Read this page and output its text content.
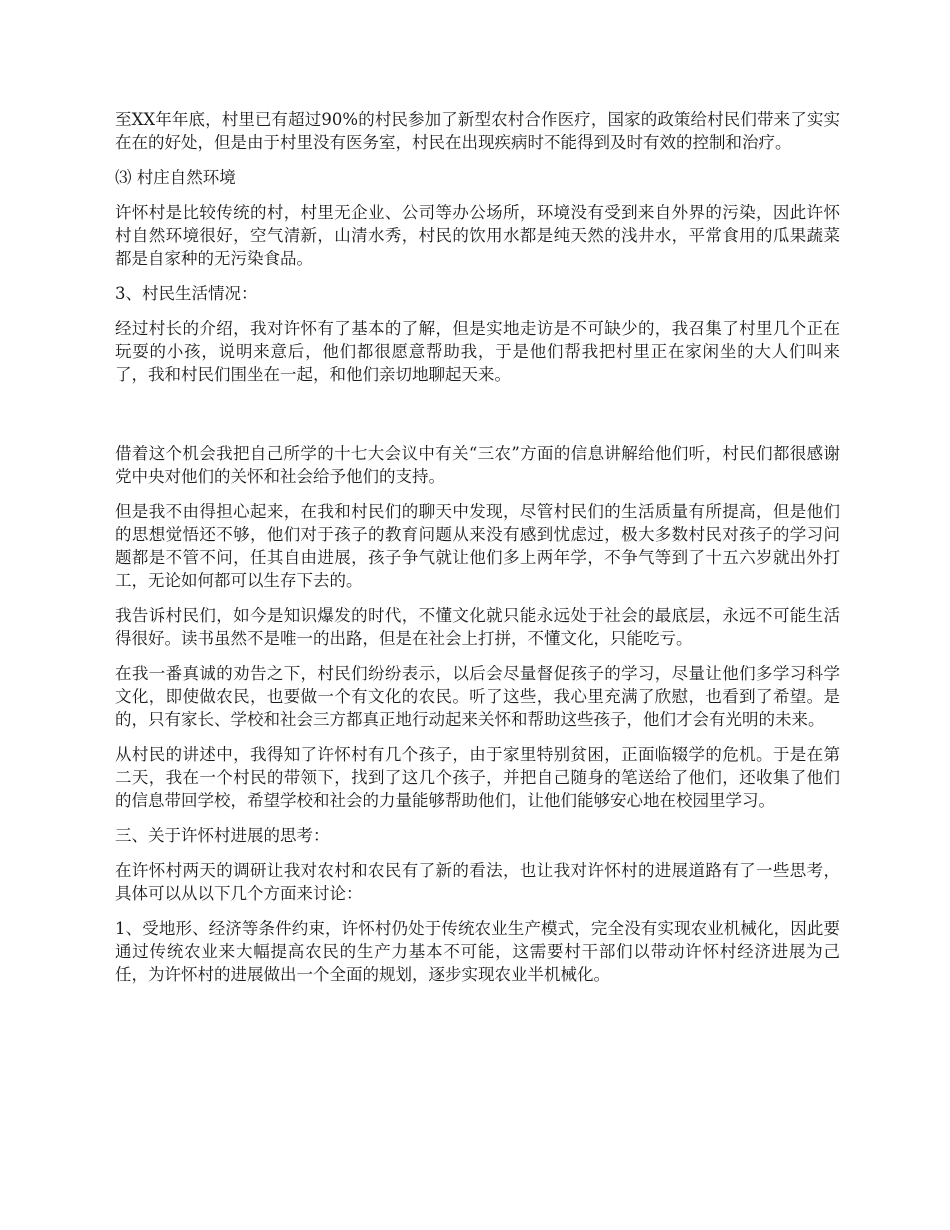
至XX年年底，村里已有超过90%的村民参加了新型农村合作医疗，国家的政策给村民们带来了实实在在的好处，但是由于村里没有医务室，村民在出现疾病时不能得到及时有效的控制和治疗。

⑶ 村庄自然环境

许怀村是比较传统的村，村里无企业、公司等办公场所，环境没有受到来自外界的污染，因此许怀村自然环境很好，空气清新，山清水秀，村民的饮用水都是纯天然的浅井水，平常食用的瓜果蔬菜都是自家种的无污染食品。

3、村民生活情况：

经过村长的介绍，我对许怀有了基本的了解，但是实地走访是不可缺少的，我召集了村里几个正在玩耍的小孩，说明来意后，他们都很愿意帮助我，于是他们帮我把村里正在家闲坐的大人们叫来了，我和村民们围坐在一起，和他们亲切地聊起天来。

借着这个机会我把自己所学的十七大会议中有关“三农”方面的信息讲解给他们听，村民们都很感谢党中央对他们的关怀和社会给予他们的支持。

但是我不由得担心起来，在我和村民们的聊天中发现，尽管村民们的生活质量有所提高，但是他们的思想觉悟还不够，他们对于孩子的教育问题从来没有感到忧虑过，极大多数村民对孩子的学习问题都是不管不问，任其自由进展，孩子争气就让他们多上两年学，不争气等到了十五六岁就出外打工，无论如何都可以生存下去的。

我告诉村民们，如今是知识爆发的时代，不懂文化就只能永远处于社会的最底层，永远不可能生活得很好。读书虽然不是唯一的出路，但是在社会上打拼，不懂文化，只能吃亏。

在我一番真诚的劝告之下，村民们纷纷表示，以后会尽量督促孩子的学习，尽量让他们多学习科学文化，即使做农民，也要做一个有文化的农民。听了这些，我心里充满了欣慰，也看到了希望。是的，只有家长、学校和社会三方都真正地行动起来关怀和帮助这些孩子，他们才会有光明的未来。

从村民的讲述中，我得知了许怀村有几个孩子，由于家里特别贫困，正面临辍学的危机。于是在第二天，我在一个村民的带领下，找到了这几个孩子，并把自己随身的笔送给了他们，还收集了他们的信息带回学校，希望学校和社会的力量能够帮助他们，让他们能够安心地在校园里学习。

三、关于许怀村进展的思考：

在许怀村两天的调研让我对农村和农民有了新的看法，也让我对许怀村的进展道路有了一些思考，具体可以从以下几个方面来讨论：

1、受地形、经济等条件约束，许怀村仍处于传统农业生产模式，完全没有实现农业机械化，因此要通过传统农业来大幅提高农民的生产力基本不可能，这需要村干部们以带动许怀村经济进展为己任，为许怀村的进展做出一个全面的规划，逐步实现农业半机械化。
